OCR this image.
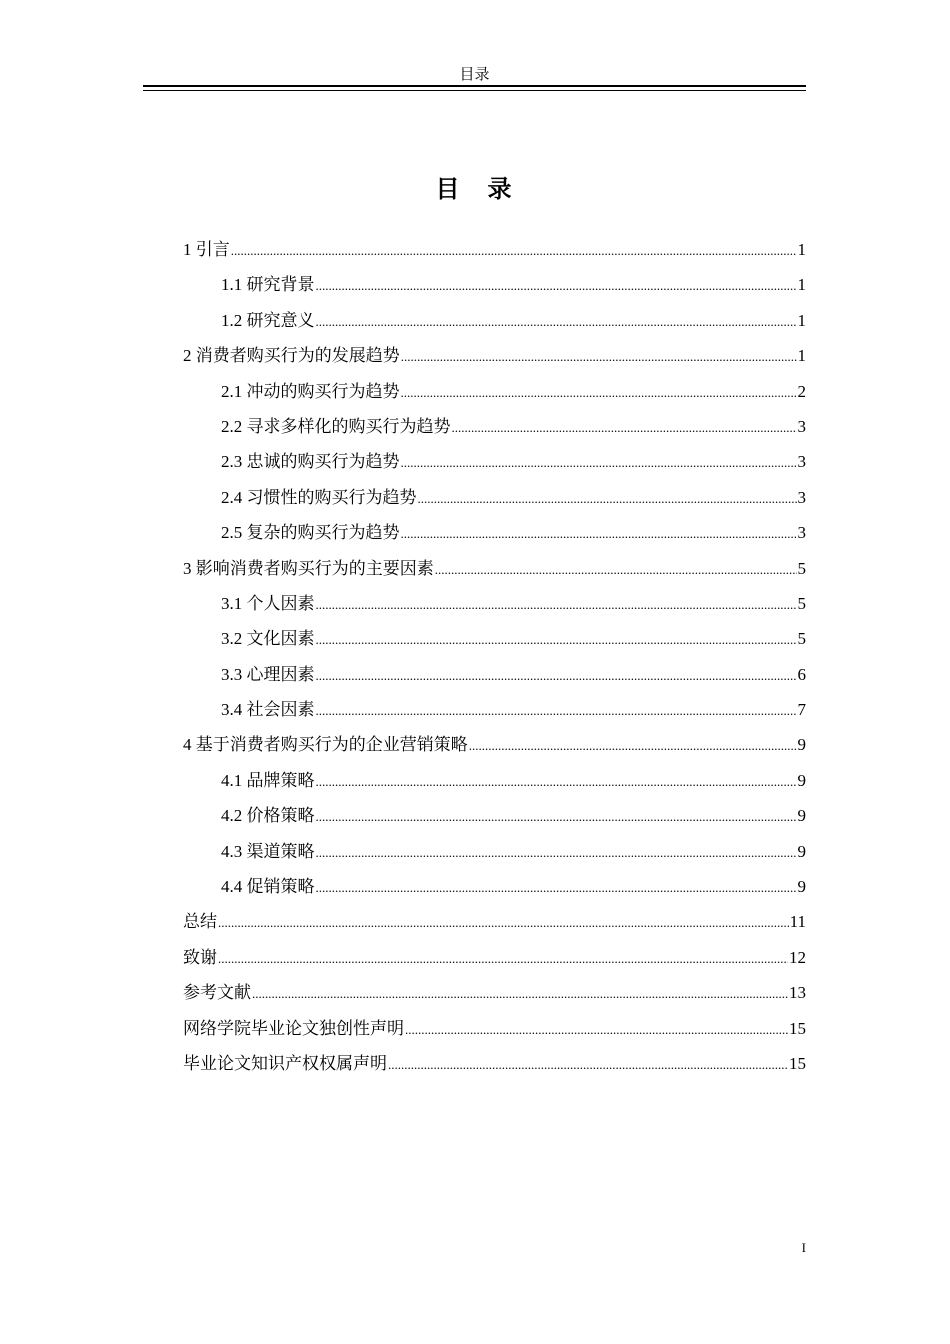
目录
目　录
1 引言 .....	1
1.1 研究背景 .....	1
1.2 研究意义 .....	1
2 消费者购买行为的发展趋势 .....	1
2.1 冲动的购买行为趋势 .....	2
2.2 寻求多样化的购买行为趋势 .....	3
2.3 忠诚的购买行为趋势 .....	3
2.4 习惯性的购买行为趋势 .....	3
2.5 复杂的购买行为趋势 .....	3
3 影响消费者购买行为的主要因素 .....	5
3.1 个人因素 .....	5
3.2 文化因素 .....	5
3.3 心理因素 .....	6
3.4 社会因素 .....	7
4 基于消费者购买行为的企业营销策略 .....	9
4.1 品牌策略 .....	9
4.2 价格策略 .....	9
4.3 渠道策略 .....	9
4.4 促销策略 .....	9
总结 .....	11
致谢 .....	12
参考文献 .....	13
网络学院毕业论文独创性声明 .....	15
毕业论文知识产权权属声明 .....	15
I
